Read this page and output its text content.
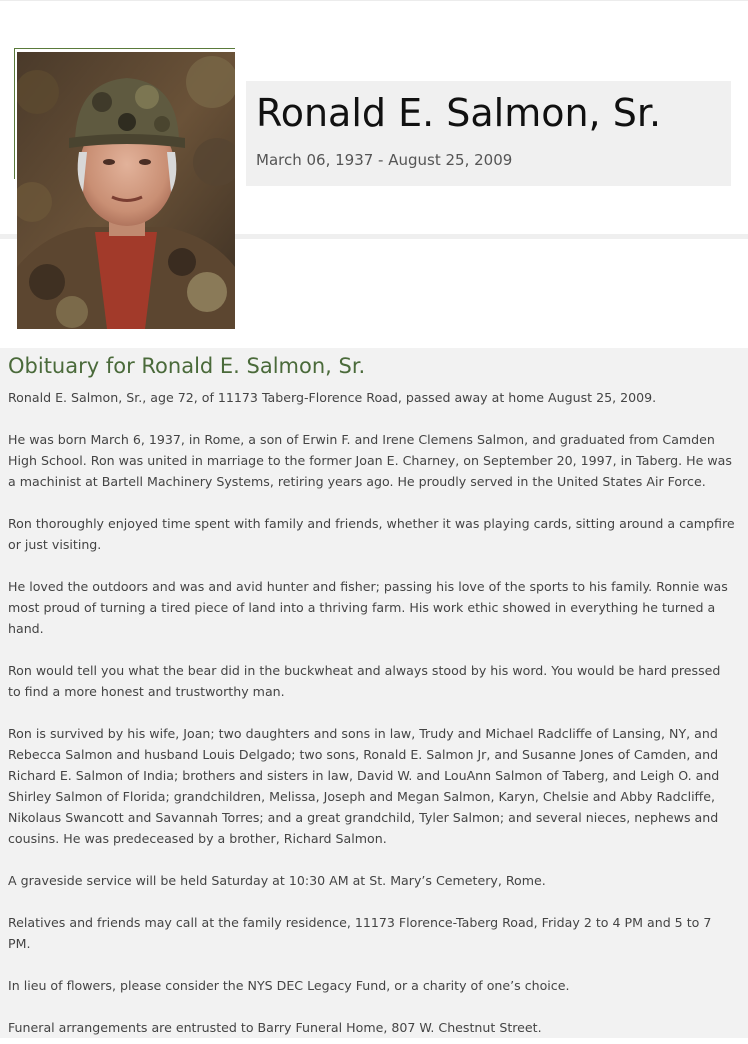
Ronald E. Salmon, Sr.
March 06, 1937 - August 25, 2009
Obituary for Ronald E. Salmon, Sr.

Ronald E. Salmon, Sr., age 72, of 11173 Taberg-Florence Road, passed away at home August 25, 2009.

He was born March 6, 1937, in Rome, a son of Erwin F. and Irene Clemens Salmon, and graduated from Camden High School. Ron was united in marriage to the former Joan E. Charney, on September 20, 1997, in Taberg. He was a machinist at Bartell Machinery Systems, retiring years ago. He proudly served in the United States Air Force.

Ron thoroughly enjoyed time spent with family and friends, whether it was playing cards, sitting around a campfire or just visiting.

He loved the outdoors and was and avid hunter and fisher; passing his love of the sports to his family. Ronnie was most proud of turning a tired piece of land into a thriving farm. His work ethic showed in everything he turned a hand.

Ron would tell you what the bear did in the buckwheat and always stood by his word. You would be hard pressed to find a more honest and trustworthy man.

Ron is survived by his wife, Joan; two daughters and sons in law, Trudy and Michael Radcliffe of Lansing, NY, and Rebecca Salmon and husband Louis Delgado; two sons, Ronald E. Salmon Jr, and Susanne Jones of Camden, and Richard E. Salmon of India; brothers and sisters in law, David W. and LouAnn Salmon of Taberg, and Leigh O. and Shirley Salmon of Florida; grandchildren, Melissa, Joseph and Megan Salmon, Karyn, Chelsie and Abby Radcliffe, Nikolaus Swancott and Savannah Torres; and a great grandchild, Tyler Salmon; and several nieces, nephews and cousins. He was predeceased by a brother, Richard Salmon.

A graveside service will be held Saturday at 10:30 AM at St. Mary’s Cemetery, Rome.

Relatives and friends may call at the family residence, 11173 Florence-Taberg Road, Friday 2 to 4 PM and 5 to 7 PM.

In lieu of flowers, please consider the NYS DEC Legacy Fund, or a charity of one’s choice.

Funeral arrangements are entrusted to Barry Funeral Home, 807 W. Chestnut Street.
